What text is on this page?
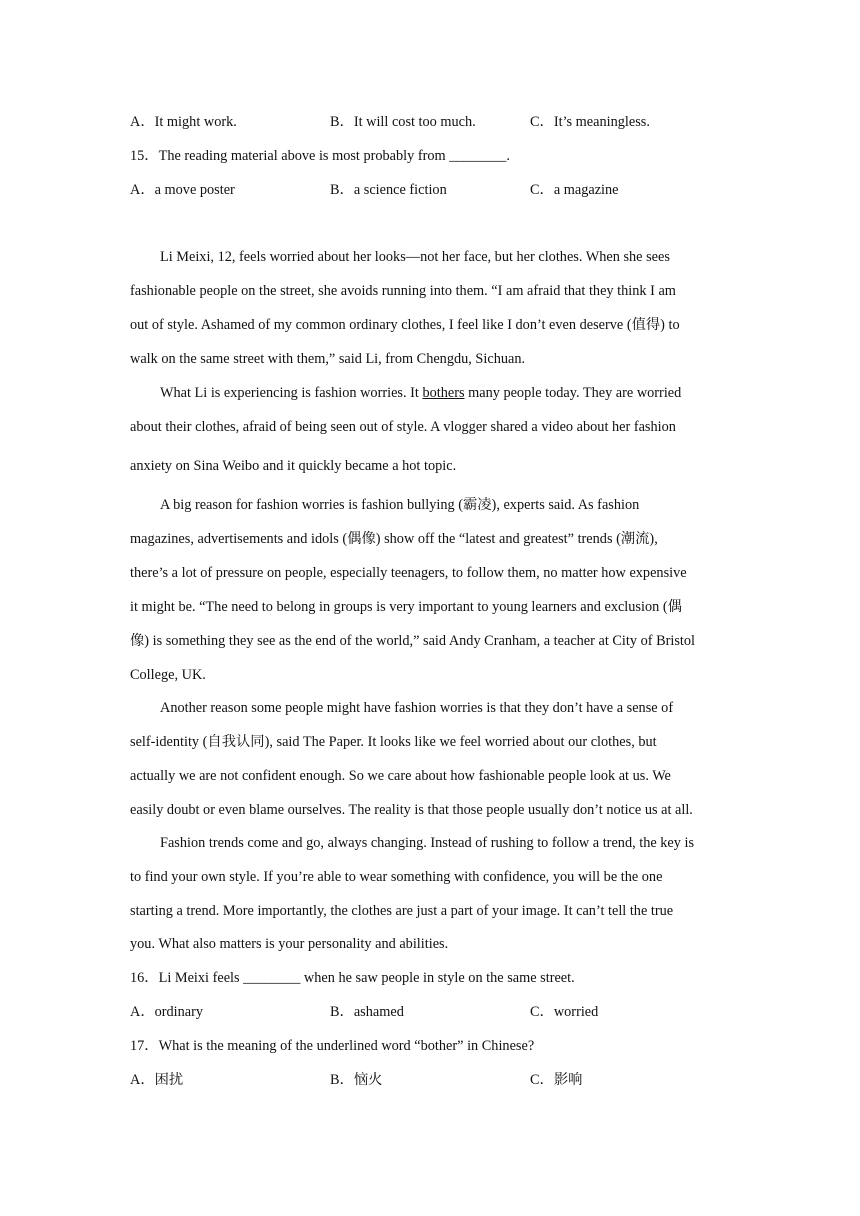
A．It might work.	B．It will cost too much.	C．It’s meaningless.
15．The reading material above is most probably from ________.
A．a move poster	B．a science fiction	C．a magazine
Li Meixi, 12, feels worried about her looks—not her face, but her clothes. When she sees
fashionable people on the street, she avoids running into them. “I am afraid that they think I am
out of style. Ashamed of my common ordinary clothes, I feel like I don’t even deserve (值得) to
walk on the same street with them,” said Li, from Chengdu, Sichuan.
What Li is experiencing is fashion worries. It bothers many people today. They are worried
about their clothes, afraid of being seen out of style. A vlogger shared a video about her fashion
anxiety on Sina Weibo and it quickly became a hot topic.
A big reason for fashion worries is fashion bullying (霸凌), experts said. As fashion
magazines, advertisements and idols (偶像) show off the “latest and greatest” trends (潮流),
there’s a lot of pressure on people, especially teenagers, to follow them, no matter how expensive
it might be. “The need to belong in groups is very important to young learners and exclusion (偶
像) is something they see as the end of the world,” said Andy Cranham, a teacher at City of Bristol
College, UK.
Another reason some people might have fashion worries is that they don’t have a sense of
self-identity (自我认同), said The Paper. It looks like we feel worried about our clothes, but
actually we are not confident enough. So we care about how fashionable people look at us. We
easily doubt or even blame ourselves. The reality is that those people usually don’t notice us at all.
Fashion trends come and go, always changing. Instead of rushing to follow a trend, the key is
to find your own style. If you’re able to wear something with confidence, you will be the one
starting a trend. More importantly, the clothes are just a part of your image. It can’t tell the true
you. What also matters is your personality and abilities.
16．Li Meixi feels ________ when he saw people in style on the same street.
A．ordinary	B．ashamed	C．worried
17．What is the meaning of the underlined word “bother” in Chinese?
A．困扰	B．恼火	C．影响
